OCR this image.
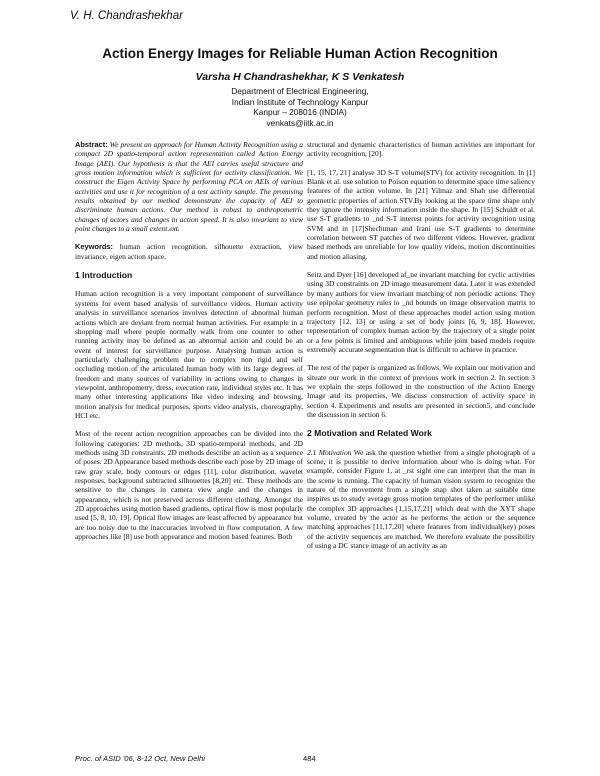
V. H. Chandrashekhar
Action Energy Images for Reliable Human Action Recognition
Varsha H Chandrashekhar, K S Venkatesh
Department of Electrical Engineering,
Indian Institute of Technology Kanpur
Kanpur – 208016 (INDIA)
venkats@iitk.ac.in

Abstract: We present an approach for Human Activity Recognition using a compact 2D spatio-temporal action representation called Action Energy Image (AEI). Our hypothesis is that the AEI carries useful structure and gross motion information which is sufficient for activity classification. We construct the Eigen Activity Space by performing PCA on AEIs of various activities and use it for recognition of a test activity sample. The promising results obtained by our method demonstrate the capacity of AEI to discriminate human actions. Our method is robust to anthropometric changes of actors and changes in action speed. It is also invariant to view point changes to a small extent.ext.

Keywords: human action recognition. silhouette extraction, view invariance, eigen action space.

1 Introduction

Human action recognition is a very important component of surveillance systems for event based analysis of surveillance videos. Human activity analysis in surveillance scenarios involves detection of abnormal human actions which are deviant from normal human activities. For example in a shopping mall where people normally walk from one counter to other running activity may be defined as an abnormal action and could be an event of interest for surveillance purpose. Analysing human action is particularly challenging problem due to complex non rigid and self occluding motion of the articulated human body with its large degrees of freedom and many sources of variability in actions owing to changes in viewpoint, anthropometry, dress, execution rate, individual styles etc. It has many other interesting applications like video indexing and browsing, motion analysis for medical purposes, sports video analysis, choreography, HCI etc.

Most of the recent action recognition approaches can be divided into the following categories: 2D methods, 3D spatio-temporal methods, and 2D methods using 3D constraints. 2D methods describe an action as a sequence of poses. 2D Appearance based methods describe each pose by 2D image of raw gray scale, body contours or edges [11], color distribution, wavelet responses, background subtracted silhouettes [8,20] etc. These methods are sensitive to the changes in camera view angle and the changes in appearance, which is not preserved across different clothing. Amongst the 2D approaches using motion based gradients, optical flow is most popularly used [5, 8, 10, 19]. Optical flow images are least affected by appearance but are too noisy due to the inaccuracies involved in flow computation. A few approaches like [8] use both appearance and motion based features. Both

structural and dynamic characteristics of human activities are important for activity recognition, [20].

[1, 15, 17, 21] analyse 3D S-T volume(STV) for activity recognition. In [1] Blank et al. use solution to Poison equation to determine space time saliency features of the action volume. In [21] Yilmaz and Shah use differential geometric properties of action STV.By looking at the space time shape only they ignore the intensity information inside the shape. In [15] Schuldt et al. use S-T gradients to _nd S-T interest points for activity recognition using SVM and in [17]Shechtman and Irani use S-T gradients to determine correlation between ST patches of two different videos. However, gradient based methods are unreliable for low quality videos, motion discontinuities and motion aliasing.

Seitz and Dyer [16] developed af_ne invariant matching for cyclic activities using 3D constraints on 2D image measurement data. Later it was extended by many authors for view invariant matching of non periodic actions. They use epipolar geometry rules to _nd bounds on image observation matrix to perform recognition. Most of these approaches model action using motion trajectory [12, 13] or using a set of body joints [6, 9, 18]. However, representation of complex human action by the trajectory of a single point or a few points is limited and ambiguous while joint based models require extremely accurate segmentation that is difficult to achieve in practice.

The rest of the paper is organized as follows. We explain our motivation and situate our work in the context of previous work in section 2. In section 3 we explain the steps followed in the construction of the Action Energy Image and its properties, We discuss construction of activity space in section 4. Experiments and results are presented in section5, and conclude the discussion in section 6.

2 Motivation and Related Work

2.1 Motivation We ask the question whether from a single photograph of a scene, it is possible to derive information about who is doing what. For example, consider Figure 1, at _rst sight one can interpret that the man in the scene is running. The capacity of human vision system to recognize the nature of the movement from a single snap shot taken at suitable time inspires us to study average gross motion templates of the performer unlike the complex 3D approaches [1,15,17,21] which deal with the XYT shape volume, created by the actor as he performs the action or the sequence matching approaches [11,17,20] where features from individual(key) poses of the activity sequences are matched. We therefore evaluate the possibility of using a DC stance image of an activity as an

Proc. of ASID '06, 8-12 Oct, New Delhi	484
